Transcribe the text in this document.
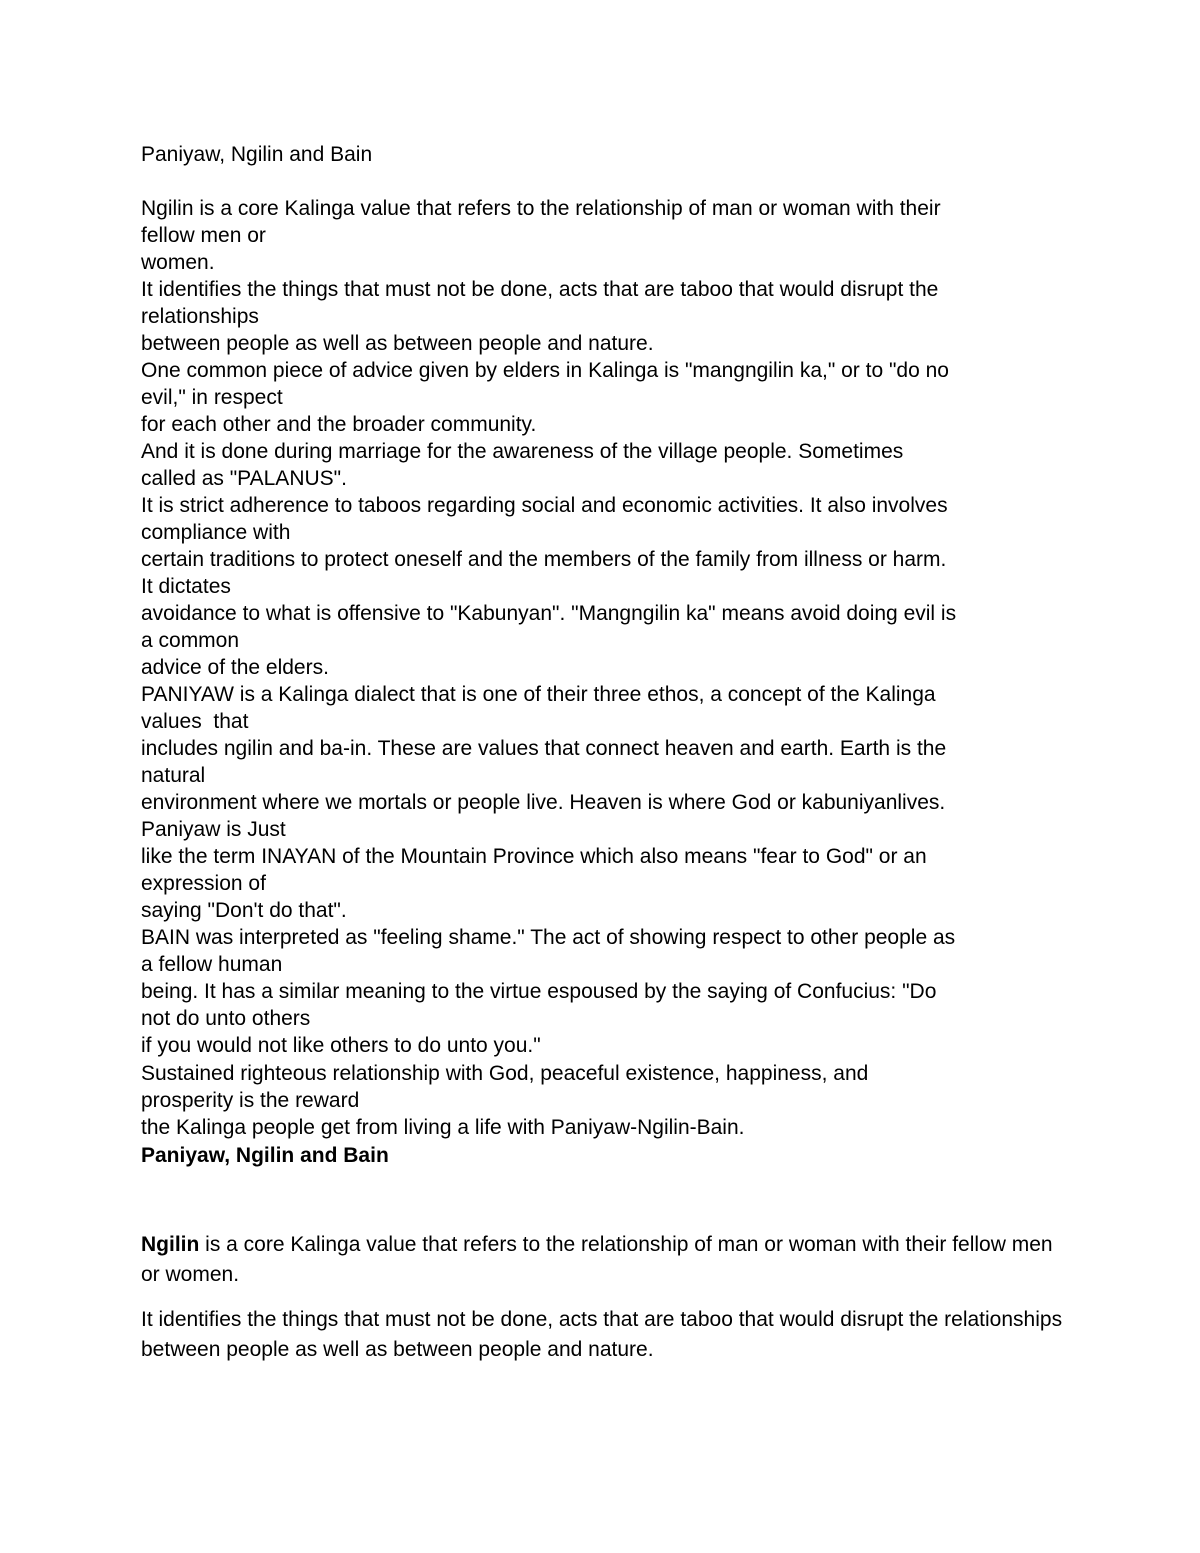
Paniyaw, Ngilin and Bain

Ngilin is a core Kalinga value that refers to the relationship of man or woman with their

fellow men or

women.

It identifies the things that must not be done, acts that are taboo that would disrupt the

relationships

between people as well as between people and nature.

One common piece of advice given by elders in Kalinga is "mangngilin ka," or to "do no

evil," in respect

for each other and the broader community.

And it is done during marriage for the awareness of the village people. Sometimes

called as "PALANUS".

It is strict adherence to taboos regarding social and economic activities. It also involves

compliance with

certain traditions to protect oneself and the members of the family from illness or harm.

It dictates

avoidance to what is offensive to "Kabunyan". "Mangngilin ka" means avoid doing evil is

a common

advice of the elders.

PANIYAW is a Kalinga dialect that is one of their three ethos, a concept of the Kalinga

values  that

includes ngilin and ba-in. These are values that connect heaven and earth. Earth is the

natural

environment where we mortals or people live. Heaven is where God or kabuniyanlives.

Paniyaw is Just

like the term INAYAN of the Mountain Province which also means "fear to God" or an

expression of

saying "Don't do that".

BAIN was interpreted as "feeling shame." The act of showing respect to other people as

a fellow human

being. It has a similar meaning to the virtue espoused by the saying of Confucius: "Do

not do unto others

if you would not like others to do unto you."

Sustained righteous relationship with God, peaceful existence, happiness, and

prosperity is the reward

the Kalinga people get from living a life with Paniyaw-Ngilin-Bain.

Paniyaw, Ngilin and Bain

Ngilin is a core Kalinga value that refers to the relationship of man or woman with their fellow men or women.

It identifies the things that must not be done, acts that are taboo that would disrupt the relationships between people as well as between people and nature.
